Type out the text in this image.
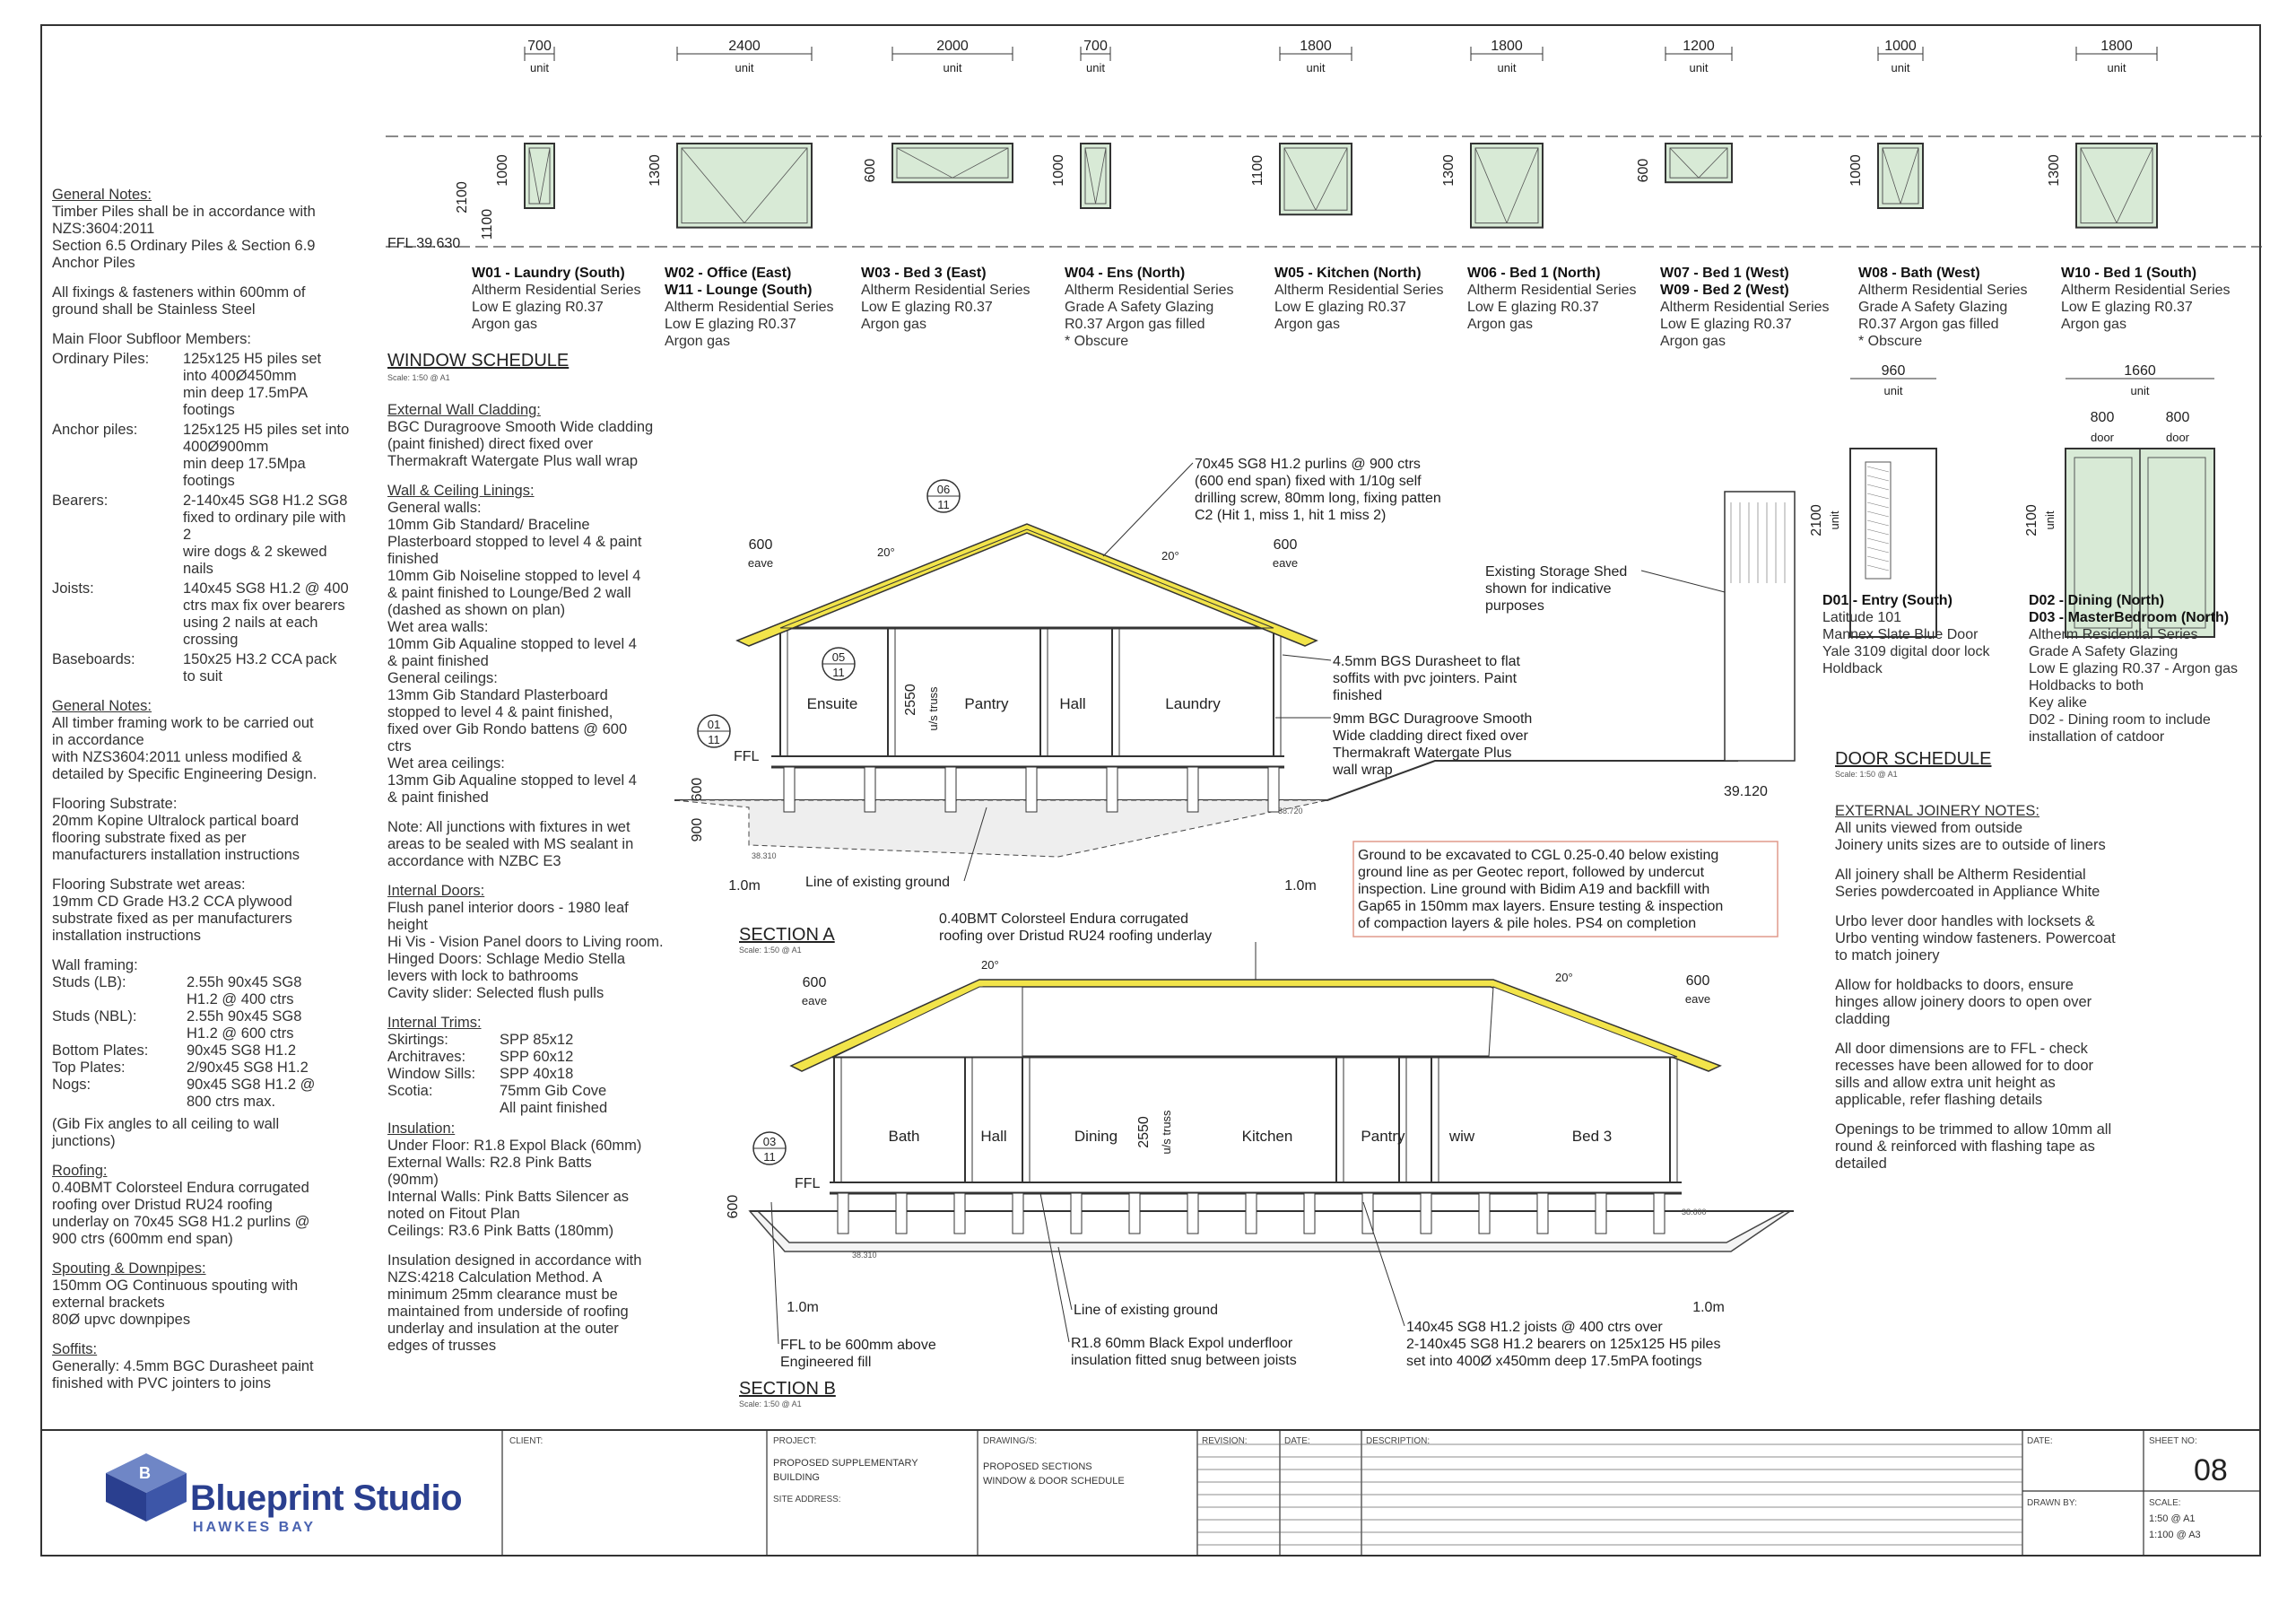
WINDOW SCHEDULE
Scale: 1:50 @ A1
FFL 39.630
700
unit
1000
2400
unit
1300
2000
unit
600
700
unit
1000
1800
unit
1100
1800
unit
1300
1200
unit
600
1000
unit
1000
1800
unit
1300
2100
1100
Ensuite	Pantry	Hall	Laundry
2550 u/s truss
600
eave
600
eave
20°	20°
06
11
05
11
01
11
FFL
38.310
38.720
39.120
1.0m	1.0m
600
900
70x45 SG8 H1.2 purlins @ 900 ctrs
(600 end span) fixed with 1/10g self
drilling screw, 80mm long, fixing patten
C2 (Hit 1, miss 1, hit 1 miss 2)
Existing Storage Shed
shown for indicative
purposes
4.5mm BGS Durasheet to flat
soffits with pvc jointers. Paint
finished
9mm BGC Duragroove Smooth
Wide cladding direct fixed over
Thermakraft Watergate Plus
wall wrap
Line of existing ground
Ground to be excavated to CGL 0.25-0.40 below existing
ground line as per Geotec report, followed by undercut
inspection. Line ground with Bidim A19 and backfill with
Gap65 in 150mm max layers. Ensure testing & inspection
of compaction layers & pile holes. PS4 on completion
SECTION A
Scale: 1:50 @ A1
Bath	Hall	Dining	Kitchen	Pantry	wiw	Bed 3
2550 u/s truss
600
eave
600
eave
20°
20°
0.40BMT Colorsteel Endura corrugated
roofing over Dristud RU24 roofing underlay
03
11
FFL
38.310
38.600
600
1.0m	1.0m
Line of existing ground
FFL to be 600mm above
Engineered fill
R1.8 60mm Black Expol underfloor
insulation fitted snug between joists
140x45 SG8 H1.2 joists @ 400 ctrs over
2-140x45 SG8 H1.2 bearers on 125x125 H5 piles
set into 400Ø x450mm deep 17.5mPA footings
SECTION B
Scale: 1:50 @ A1
960
unit
2100 unit
1660
unit
800	800
door	door
2100 unit
DOOR SCHEDULE
Scale: 1:50 @ A1
General Notes:
Timber Piles shall be in accordance with
NZS:3604:2011
Section 6.5 Ordinary Piles & Section 6.9
Anchor Piles
All fixings & fasteners within 600mm of
ground shall be Stainless Steel
Main Floor Subfloor Members:
Ordinary Piles:	125x125 H5 piles set
into 400Ø450mm
min deep 17.5mPA footings
Anchor piles:	125x125 H5 piles set into
400Ø900mm
min deep 17.5Mpa footings
Bearers:	2-140x45 SG8 H1.2 SG8
fixed to ordinary pile with 2
wire dogs & 2 skewed nails
Joists:	140x45 SG8 H1.2 @ 400
ctrs max fix over bearers
using 2 nails at each
crossing
Baseboards:	150x25 H3.2 CCA pack
to suit
General Notes:
All timber framing work to be carried out
in accordance
with NZS3604:2011 unless modified &
detailed by Specific Engineering Design.
Flooring Substrate:
20mm Kopine Ultralock partical board
flooring substrate fixed as per
manufacturers installation instructions
Flooring Substrate wet areas:
19mm CD Grade H3.2 CCA plywood
substrate fixed as per manufacturers
installation instructions
Wall framing:
Studs (LB):	2.55h 90x45 SG8
H1.2 @ 400 ctrs
Studs (NBL):	2.55h 90x45 SG8
H1.2 @ 600 ctrs
Bottom Plates:	90x45 SG8 H1.2
Top Plates:	2/90x45 SG8 H1.2
Nogs:	90x45 SG8 H1.2 @
800 ctrs max.
(Gib Fix angles to all ceiling to wall
junctions)
Roofing:
0.40BMT Colorsteel Endura corrugated
roofing over Dristud RU24 roofing
underlay on 70x45 SG8 H1.2 purlins @
900 ctrs (600mm end span)
Spouting & Downpipes:
150mm OG Continuous spouting with
external brackets
80Ø upvc downpipes
Soffits:
Generally: 4.5mm BGC Durasheet paint
finished with PVC jointers to joins
External Wall Cladding:
BGC Duragroove Smooth Wide cladding
(paint finished) direct fixed over
Thermakraft Watergate Plus wall wrap
Wall & Ceiling Linings:
General walls:
10mm Gib Standard/ Braceline
Plasterboard stopped to level 4 & paint
finished
10mm Gib Noiseline stopped to level 4
& paint finished to Lounge/Bed 2 wall
(dashed as shown on plan)
Wet area walls:
10mm Gib Aqualine stopped to level 4
& paint finished
General ceilings:
13mm Gib Standard Plasterboard
stopped to level 4 & paint finished,
fixed over Gib Rondo battens @ 600
ctrs
Wet area ceilings:
13mm Gib Aqualine stopped to level 4
& paint finished
Note: All junctions with fixtures in wet
areas to be sealed with MS sealant in
accordance with NZBC E3
Internal Doors:
Flush panel interior doors - 1980 leaf
height
Hi Vis - Vision Panel doors to Living room.
Hinged Doors: Schlage Medio Stella
levers with lock to bathrooms
Cavity slider: Selected flush pulls
Internal Trims:
Skirtings:	SPP 85x12
Architraves:	SPP 60x12
Window Sills:	SPP 40x18
Scotia:	75mm Gib Cove
All paint finished
Insulation:
Under Floor: R1.8 Expol Black (60mm)
External Walls: R2.8 Pink Batts
(90mm)
Internal Walls: Pink Batts Silencer as
noted on Fitout Plan
Ceilings: R3.6 Pink Batts (180mm)
Insulation designed in accordance with
NZS:4218 Calculation Method. A
minimum 25mm clearance must be
maintained from underside of roofing
underlay and insulation at the outer
edges of trusses
EXTERNAL JOINERY NOTES:
All units viewed from outside
Joinery units sizes are to outside of liners
All joinery shall be Altherm Residential
Series powdercoated in Appliance White
Urbo lever door handles with locksets &
Urbo venting window fasteners. Powercoat
to match joinery
Allow for holdbacks to doors, ensure
hinges allow joinery doors to open over
cladding
All door dimensions are to FFL - check
recesses have been allowed for to door
sills and allow extra unit height as
applicable, refer flashing details
Openings to be trimmed to allow 10mm all
round & reinforced with flashing tape as
detailed
W01 - Laundry (South)
Altherm Residential Series
Low E glazing R0.37
Argon gas
W02 - Office (East)
W11 - Lounge (South)
Altherm Residential Series
Low E glazing R0.37
Argon gas
W03 - Bed 3 (East)
Altherm Residential Series
Low E glazing R0.37
Argon gas
W04 - Ens (North)
Altherm Residential Series
Grade A Safety Glazing
R0.37 Argon gas filled
* Obscure
W05 - Kitchen (North)
Altherm Residential Series
Low E glazing R0.37
Argon gas
W06 - Bed 1 (North)
Altherm Residential Series
Low E glazing R0.37
Argon gas
W07 - Bed 1 (West)
W09 - Bed 2 (West)
Altherm Residential Series
Low E glazing R0.37
Argon gas
W08 - Bath (West)
Altherm Residential Series
Grade A Safety Glazing
R0.37 Argon gas filled
* Obscure
W10 - Bed 1 (South)
Altherm Residential Series
Low E glazing R0.37
Argon gas
D01 - Entry (South)
Latitude 101
Mannex Slate Blue Door
Yale 3109 digital door lock
Holdback
D02 - Dining (North)
D03 - MasterBedroom (North)
Altherm Residential Series
Grade A Safety Glazing
Low E glazing R0.37 - Argon gas
Holdbacks to both
Key alike
D02 - Dining room to include
installation of catdoor
B
Blueprint Studio
HAWKES BAY
CLIENT:	PROJECT:
PROPOSED SUPPLEMENTARY
BUILDING
SITE ADDRESS:
DRAWING/S:
PROPOSED SECTIONS
WINDOW & DOOR SCHEDULE
REVISION:	DATE:	DESCRIPTION:	DATE:
DRAWN BY:
SHEET NO:
08
SCALE:
1:50 @ A1
1:100 @ A3
